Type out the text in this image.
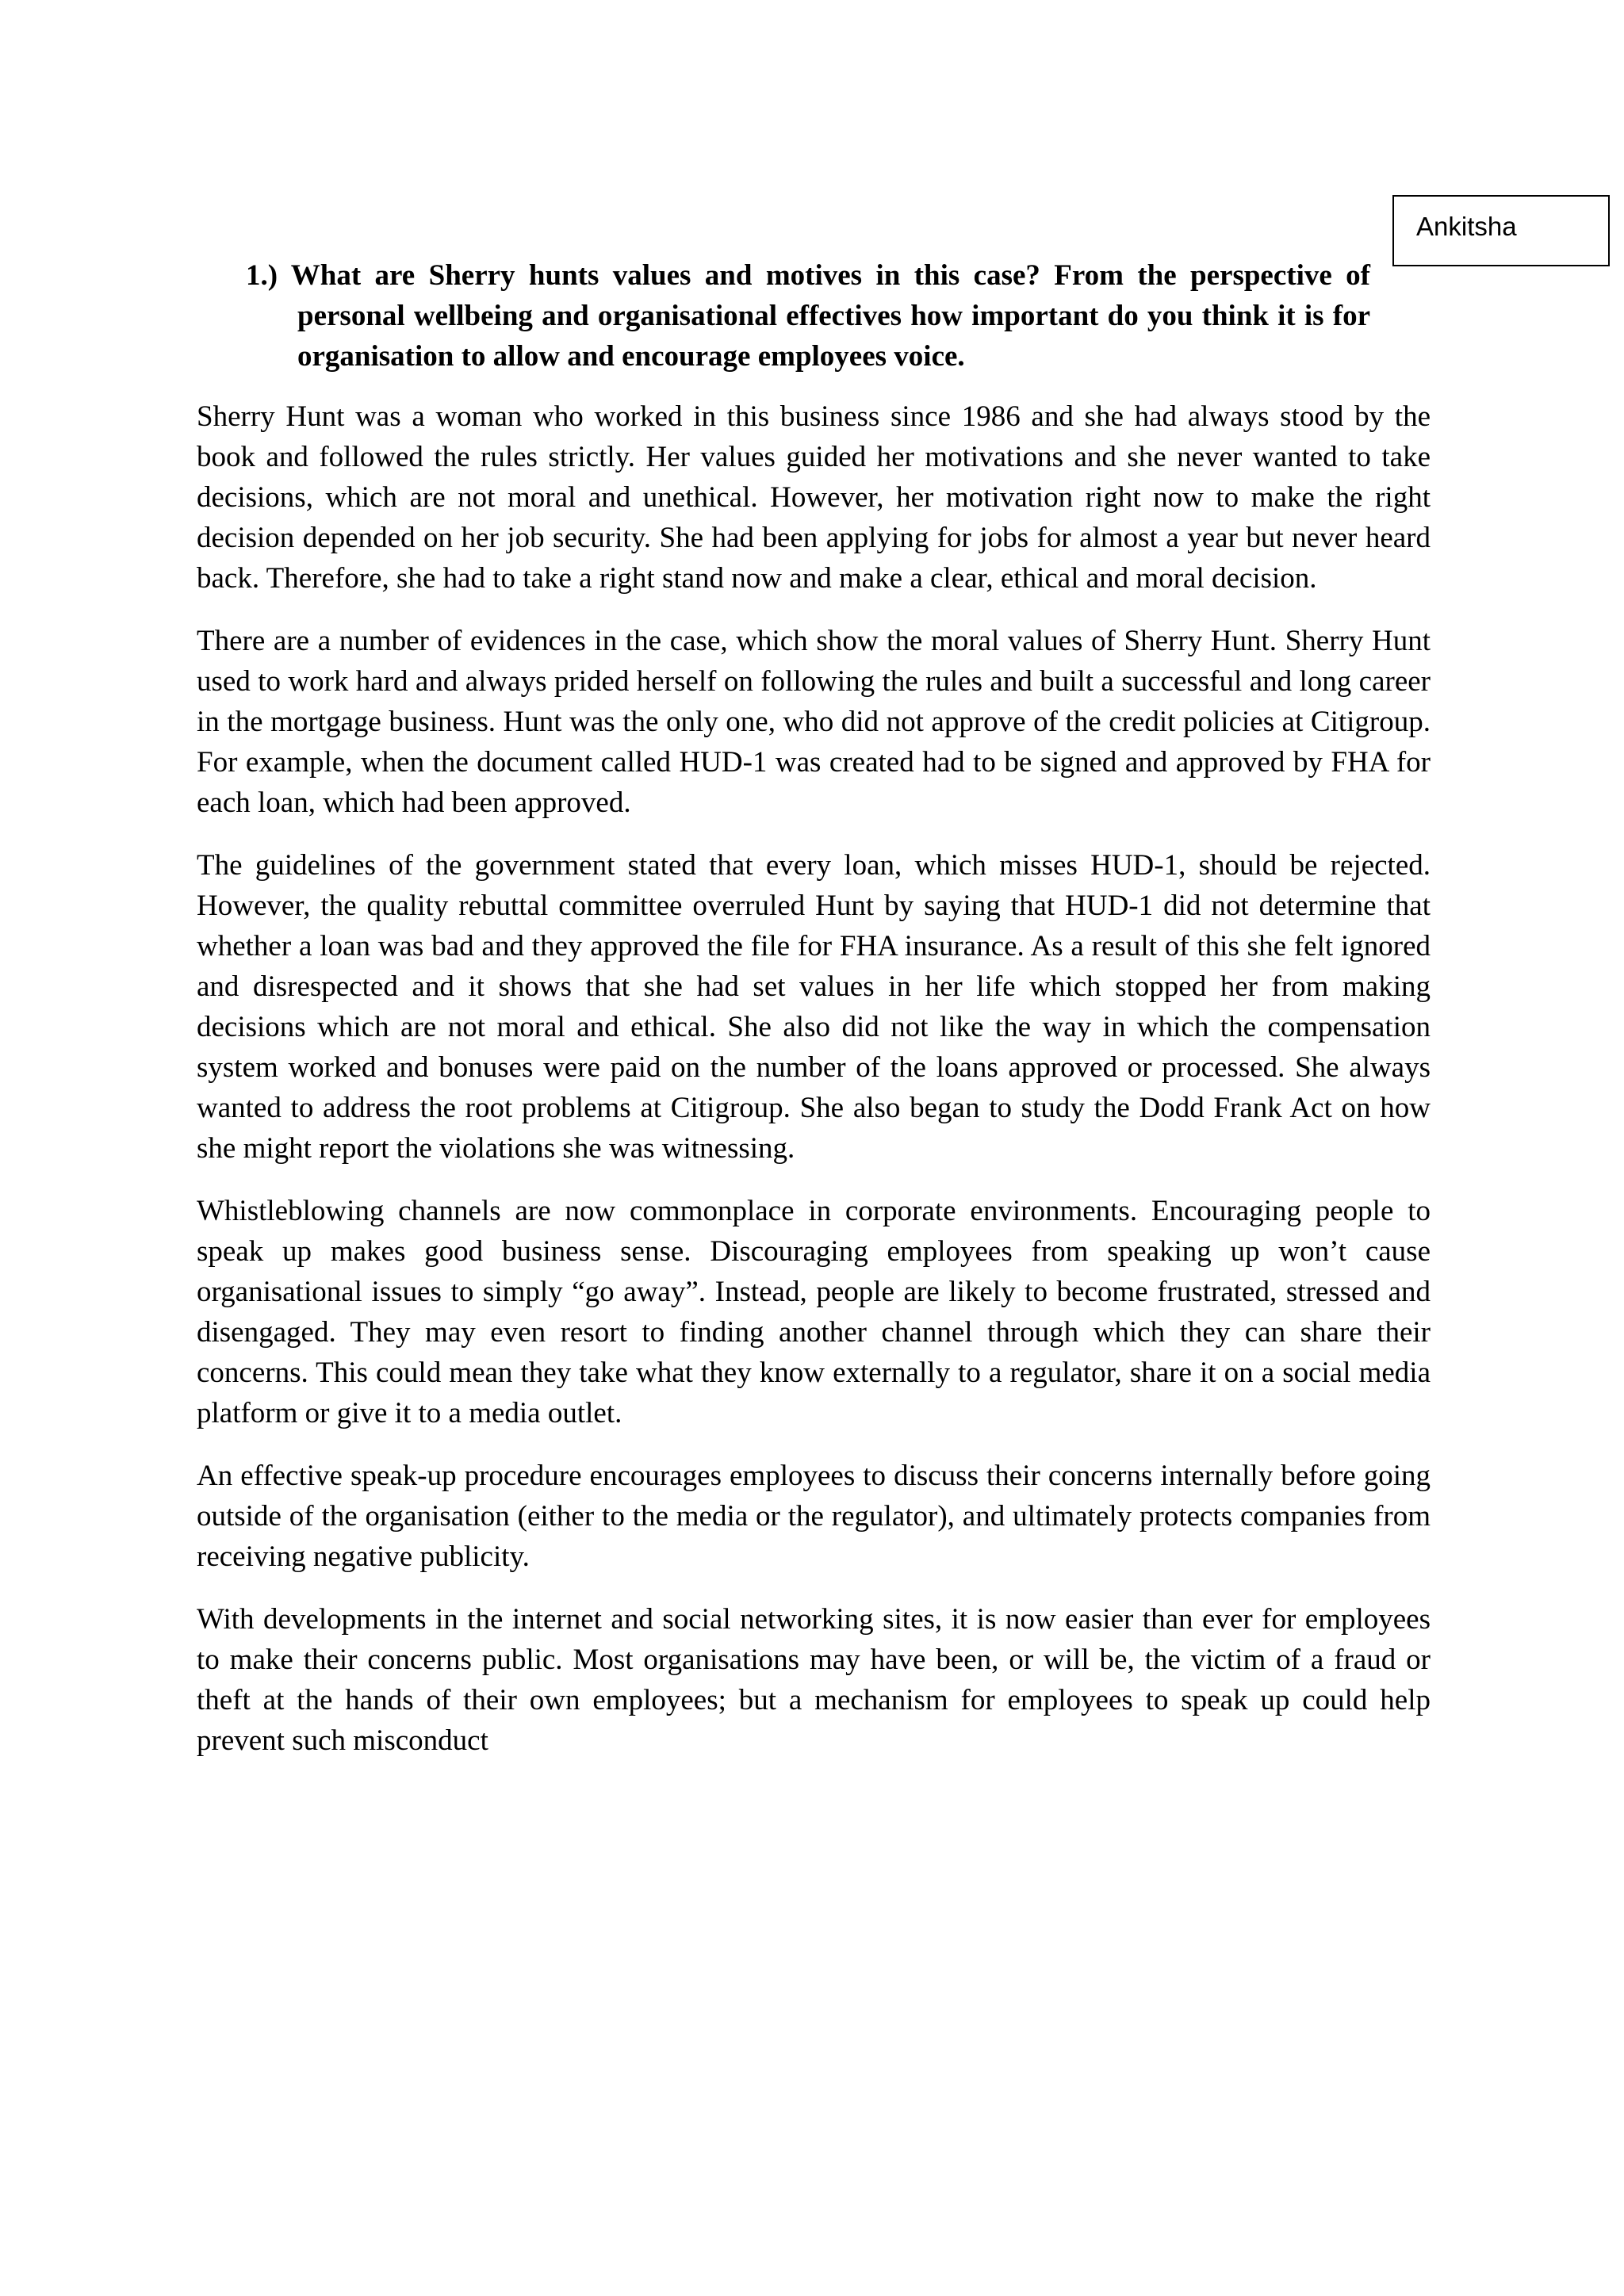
Ankitsha

1.) What are Sherry hunts values and motives in this case? From the perspective of personal wellbeing and organisational effectives how important do you think it is for organisation to allow and encourage employees voice.

Sherry Hunt was a woman who worked in this business since 1986 and she had always stood by the book and followed the rules strictly. Her values guided her motivations and she never wanted to take decisions, which are not moral and unethical. However, her motivation right now to make the right decision depended on her job security. She had been applying for jobs for almost a year but never heard back. Therefore, she had to take a right stand now and make a clear, ethical and moral decision.

There are a number of evidences in the case, which show the moral values of Sherry Hunt. Sherry Hunt used to work hard and always prided herself on following the rules and built a successful and long career in the mortgage business. Hunt was the only one, who did not approve of the credit policies at Citigroup. For example, when the document called HUD-1 was created had to be signed and approved by FHA for each loan, which had been approved.

The guidelines of the government stated that every loan, which misses HUD-1, should be rejected. However, the quality rebuttal committee overruled Hunt by saying that HUD-1 did not determine that whether a loan was bad and they approved the file for FHA insurance. As a result of this she felt ignored and disrespected and it shows that she had set values in her life which stopped her from making decisions which are not moral and ethical. She also did not like the way in which the compensation system worked and bonuses were paid on the number of the loans approved or processed. She always wanted to address the root problems at Citigroup. She also began to study the Dodd Frank Act on how she might report the violations she was witnessing.

Whistleblowing channels are now commonplace in corporate environments. Encouraging people to speak up makes good business sense. Discouraging employees from speaking up won’t cause organisational issues to simply “go away”. Instead, people are likely to become frustrated, stressed and disengaged. They may even resort to finding another channel through which they can share their concerns. This could mean they take what they know externally to a regulator, share it on a social media platform or give it to a media outlet.

An effective speak-up procedure encourages employees to discuss their concerns internally before going outside of the organisation (either to the media or the regulator), and ultimately protects companies from receiving negative publicity.

With developments in the internet and social networking sites, it is now easier than ever for employees to make their concerns public. Most organisations may have been, or will be, the victim of a fraud or theft at the hands of their own employees; but a mechanism for employees to speak up could help prevent such misconduct
